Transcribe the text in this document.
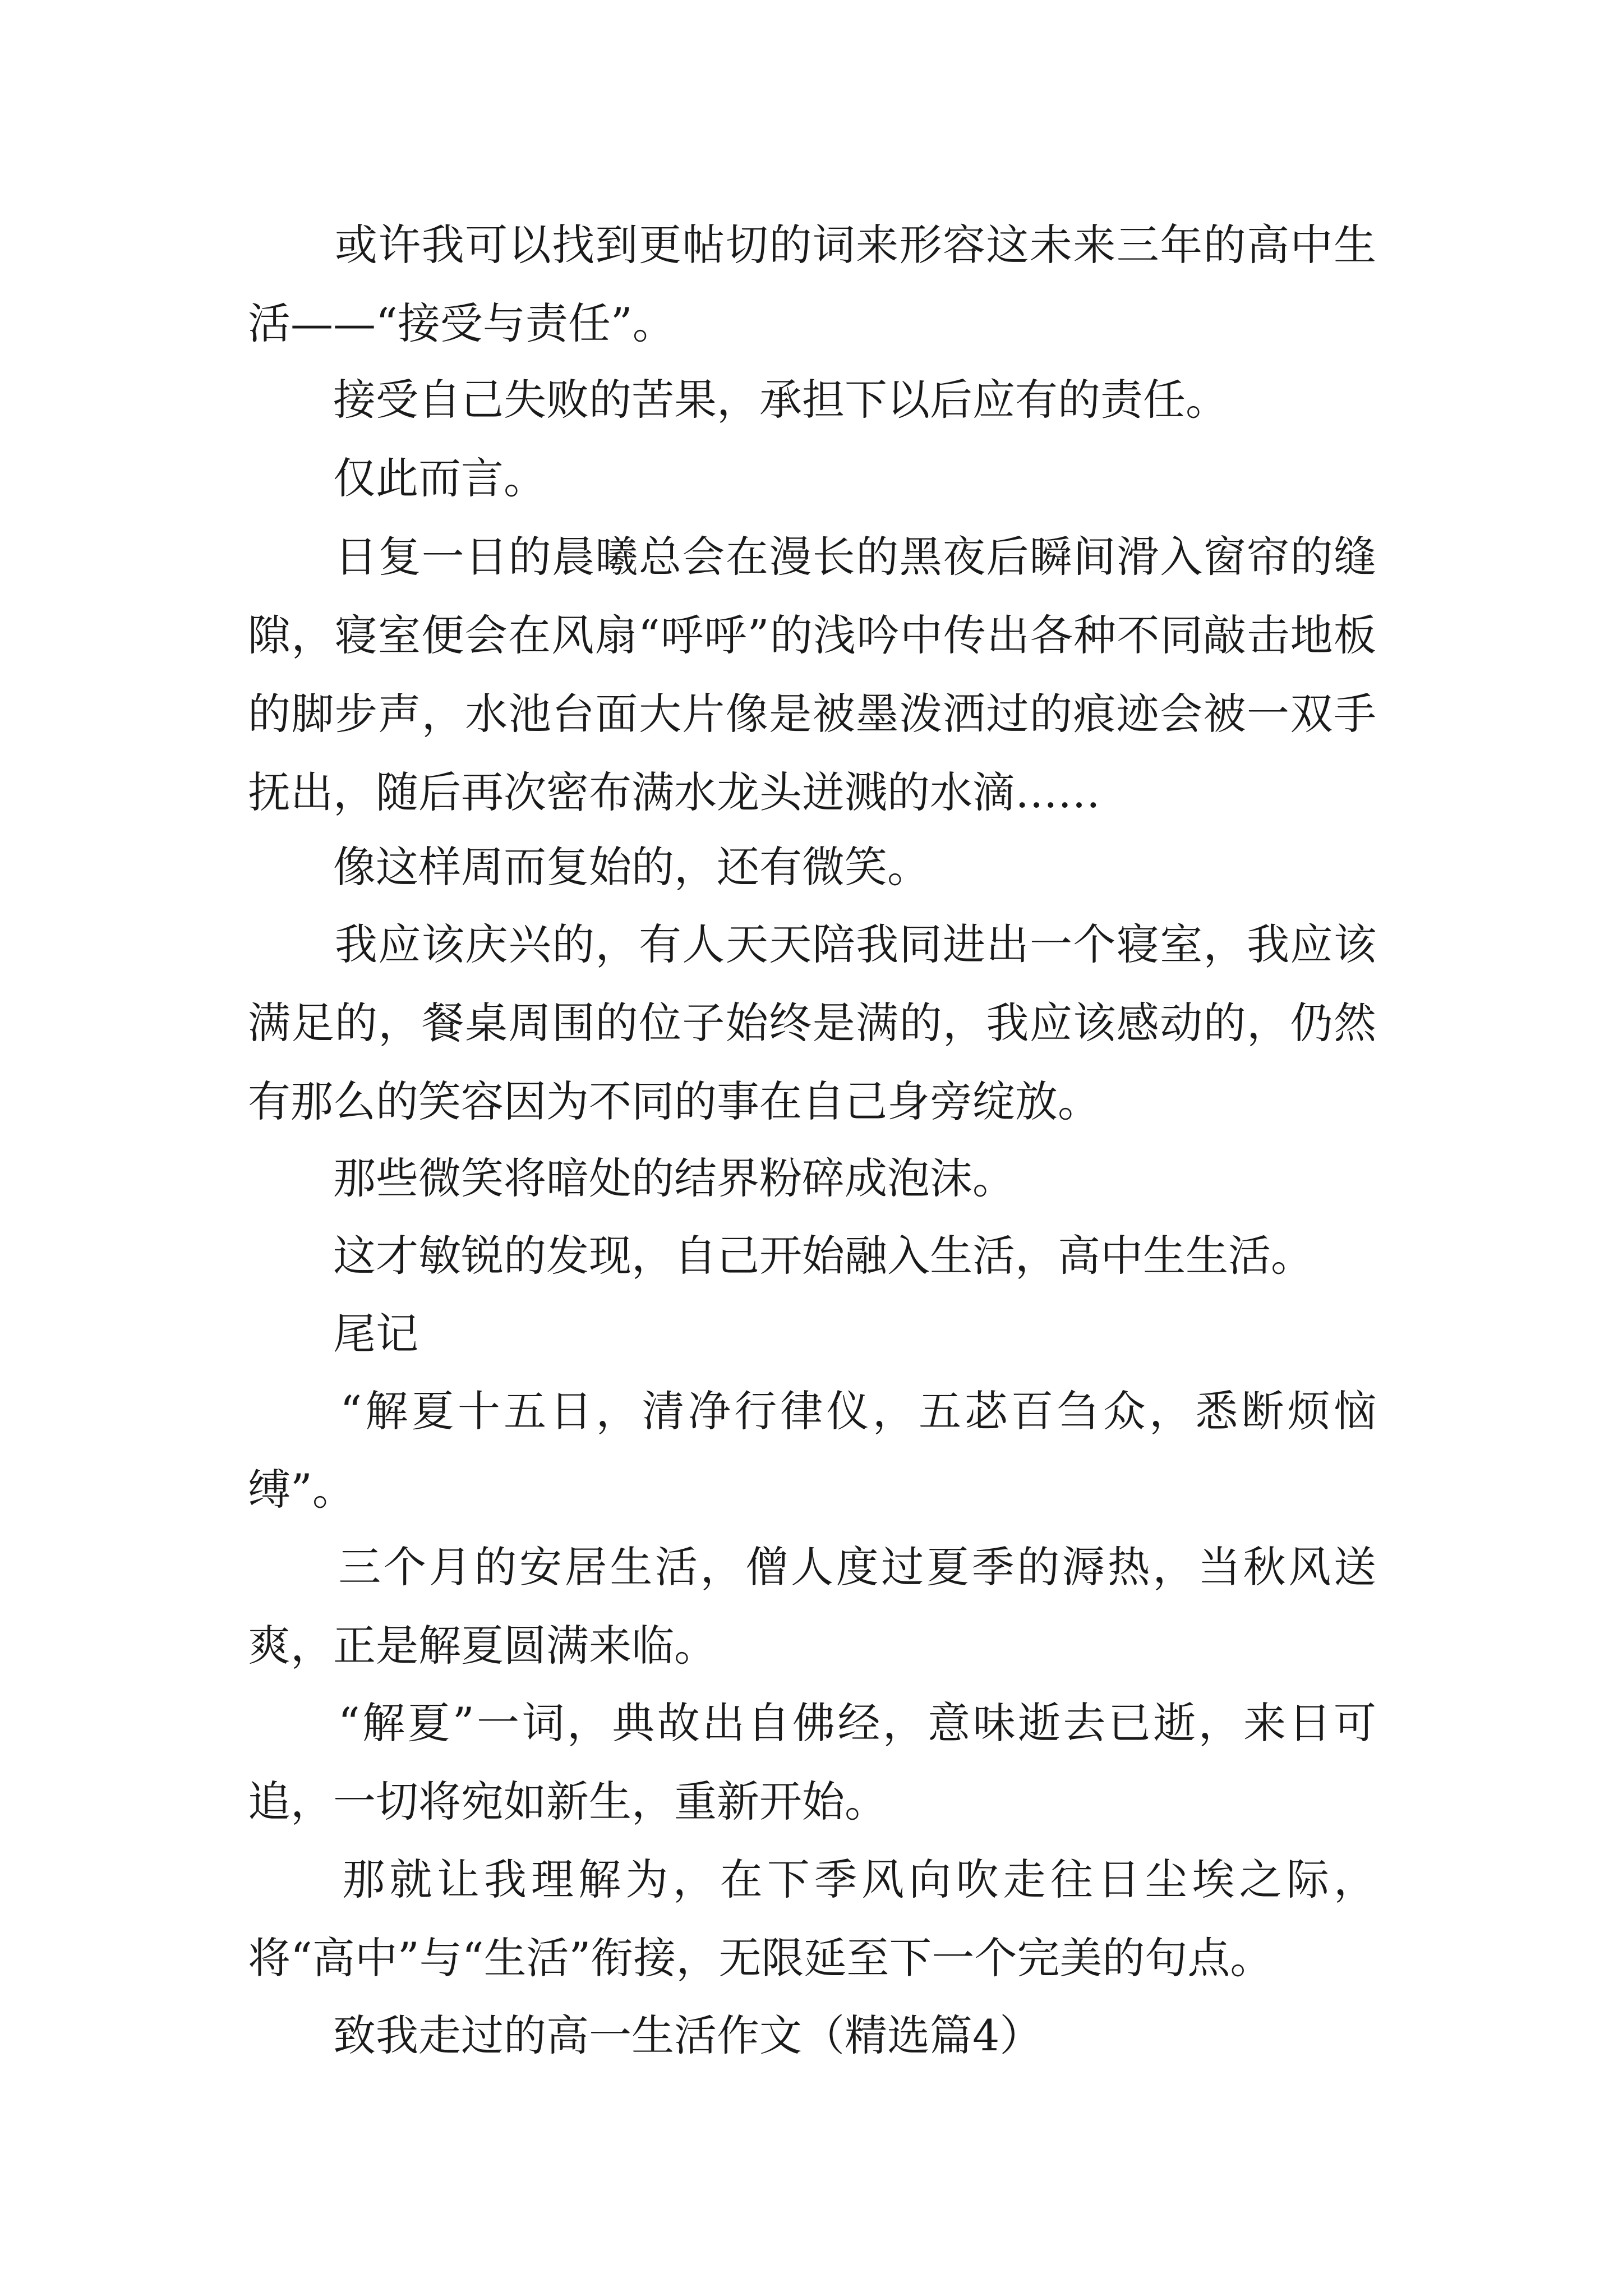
　　或许我可以找到更帖切的词来形容这未来三年的高中生活——“接受与责任”。

　　接受自己失败的苦果，承担下以后应有的责任。

　　仅此而言。

　　日复一日的晨曦总会在漫长的黑夜后瞬间滑入窗帘的缝隙，寝室便会在风扇“呼呼”的浅吟中传出各种不同敲击地板的脚步声，水池台面大片像是被墨泼洒过的痕迹会被一双手抚出，随后再次密布满水龙头迸溅的水滴……

　　像这样周而复始的，还有微笑。

　　我应该庆兴的，有人天天陪我同进出一个寝室，我应该满足的，餐桌周围的位子始终是满的，我应该感动的，仍然有那么的笑容因为不同的事在自己身旁绽放。

　　那些微笑将暗处的结界粉碎成泡沫。

　　这才敏锐的发现，自己开始融入生活，高中生生活。

　　尾记

　　“解夏十五日，清净行律仪，五苾百刍众，悉断烦恼缚”。

　　三个月的安居生活，僧人度过夏季的溽热，当秋风送爽，正是解夏圆满来临。

　　“解夏”一词，典故出自佛经，意味逝去已逝，来日可追，一切将宛如新生，重新开始。

　　那就让我理解为，在下季风向吹走往日尘埃之际，将“高中”与“生活”衔接，无限延至下一个完美的句点。

　　致我走过的高一生活作文（精选篇4）
